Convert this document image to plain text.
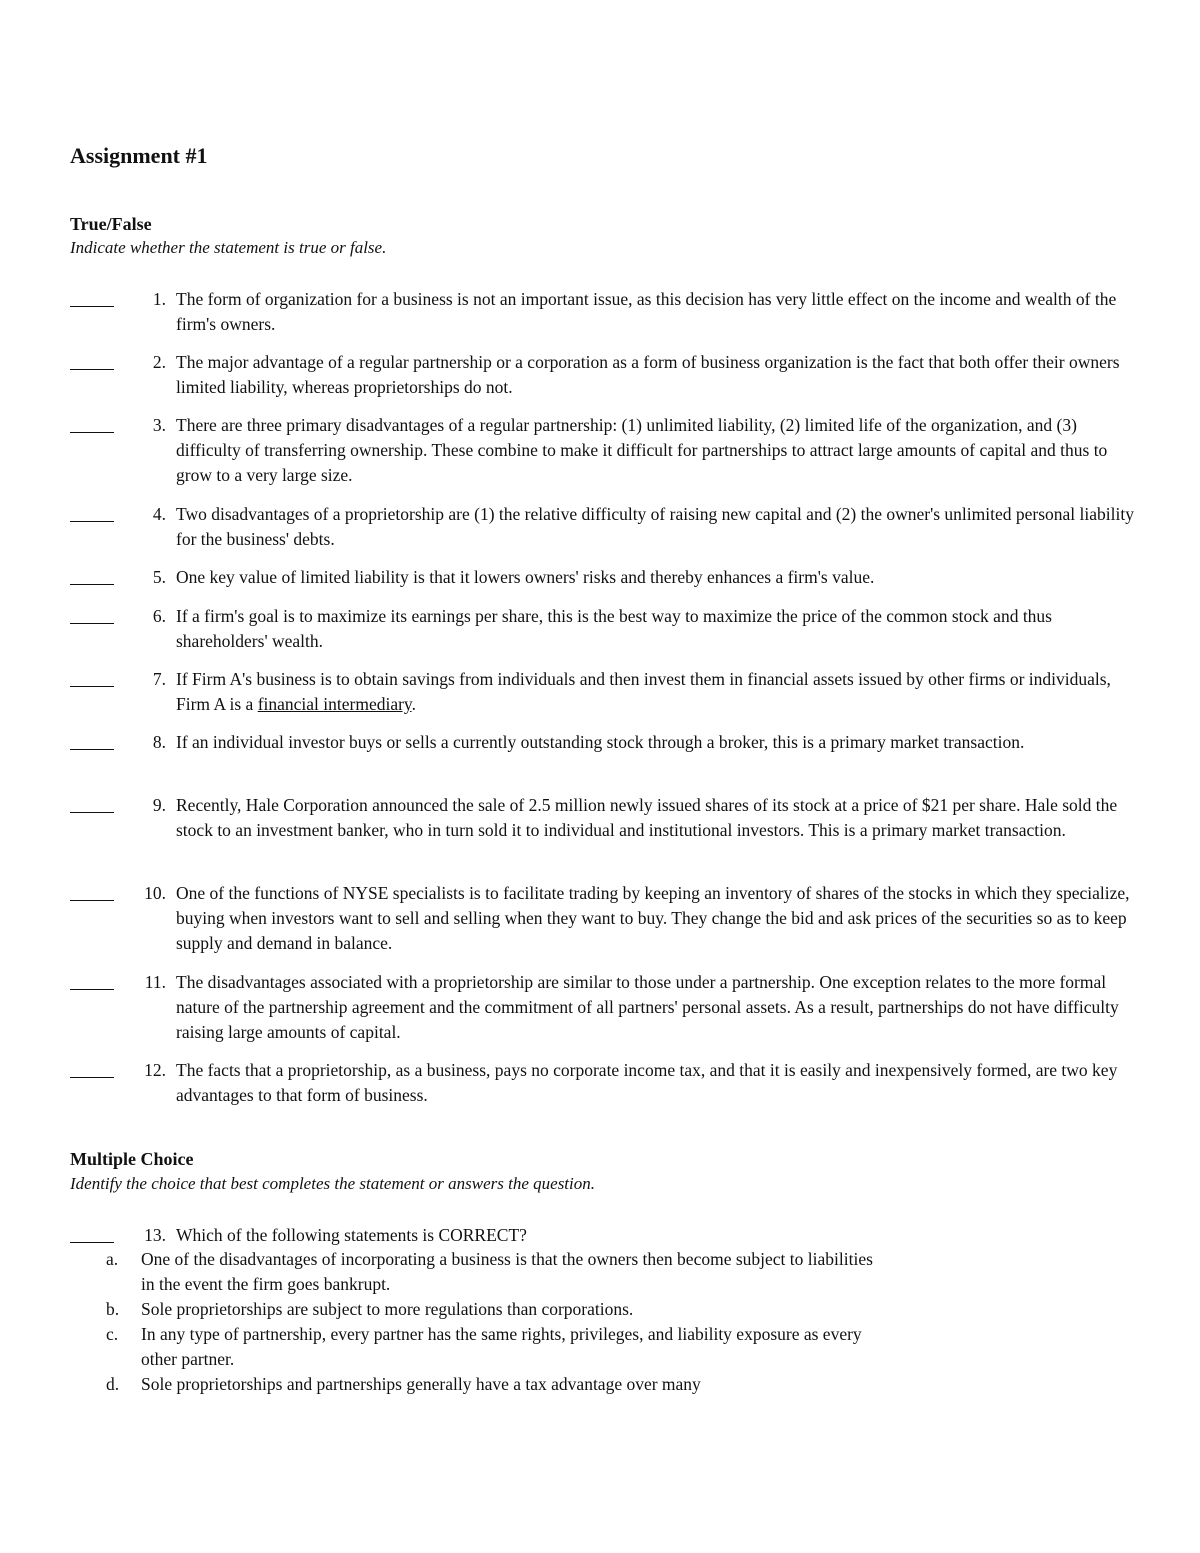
Assignment #1
True/False

Indicate whether the statement is true or false.

1. The form of organization for a business is not an important issue, as this decision has very little effect on the income and wealth of the firm's owners.
2. The major advantage of a regular partnership or a corporation as a form of business organization is the fact that both offer their owners limited liability, whereas proprietorships do not.
3. There are three primary disadvantages of a regular partnership: (1) unlimited liability, (2) limited life of the organization, and (3) difficulty of transferring ownership. These combine to make it difficult for partnerships to attract large amounts of capital and thus to grow to a very large size.
4. Two disadvantages of a proprietorship are (1) the relative difficulty of raising new capital and (2) the owner's unlimited personal liability for the business' debts.
5. One key value of limited liability is that it lowers owners' risks and thereby enhances a firm's value.
6. If a firm's goal is to maximize its earnings per share, this is the best way to maximize the price of the common stock and thus shareholders' wealth.
7. If Firm A's business is to obtain savings from individuals and then invest them in financial assets issued by other firms or individuals, Firm A is a financial intermediary.
8. If an individual investor buys or sells a currently outstanding stock through a broker, this is a primary market transaction.
9. Recently, Hale Corporation announced the sale of 2.5 million newly issued shares of its stock at a price of $21 per share. Hale sold the stock to an investment banker, who in turn sold it to individual and institutional investors. This is a primary market transaction.
10. One of the functions of NYSE specialists is to facilitate trading by keeping an inventory of shares of the stocks in which they specialize, buying when investors want to sell and selling when they want to buy. They change the bid and ask prices of the securities so as to keep supply and demand in balance.
11. The disadvantages associated with a proprietorship are similar to those under a partnership. One exception relates to the more formal nature of the partnership agreement and the commitment of all partners' personal assets. As a result, partnerships do not have difficulty raising large amounts of capital.
12. The facts that a proprietorship, as a business, pays no corporate income tax, and that it is easily and inexpensively formed, are two key advantages to that form of business.
Multiple Choice

Identify the choice that best completes the statement or answers the question.

13. Which of the following statements is CORRECT?
a. One of the disadvantages of incorporating a business is that the owners then become subject to liabilities in the event the firm goes bankrupt.
b. Sole proprietorships are subject to more regulations than corporations.
c. In any type of partnership, every partner has the same rights, privileges, and liability exposure as every other partner.
d. Sole proprietorships and partnerships generally have a tax advantage over many
